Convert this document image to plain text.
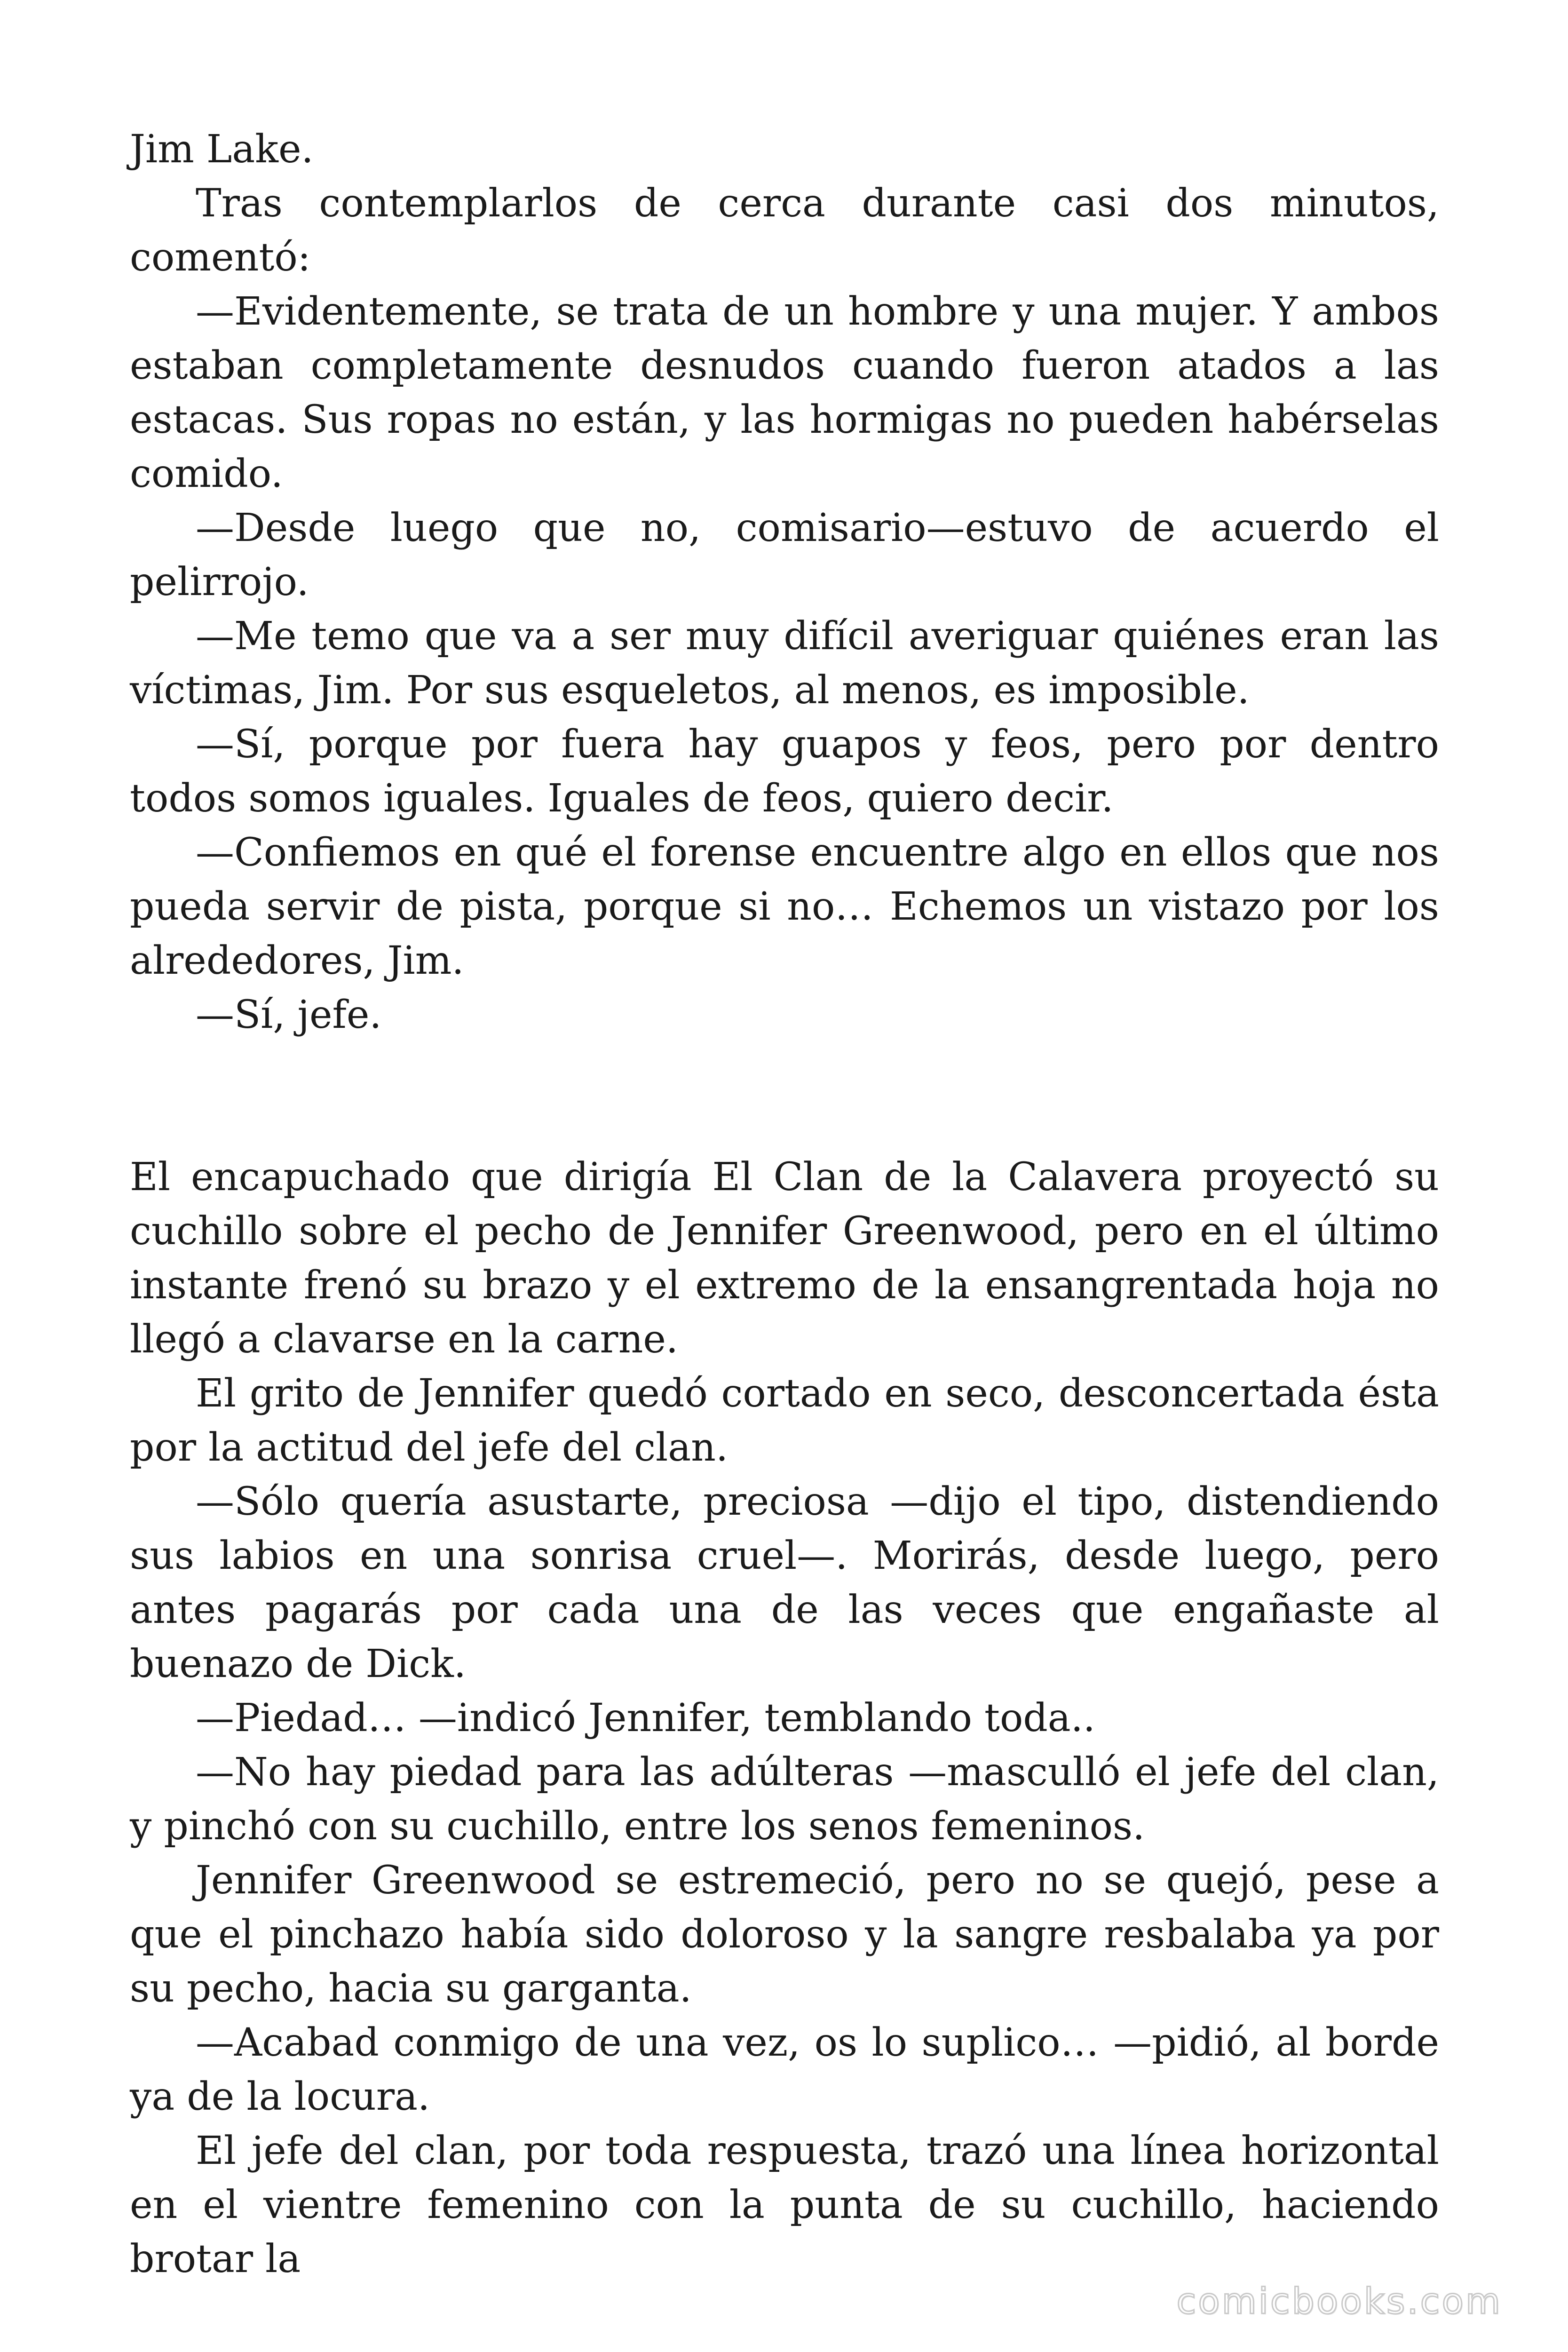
Jim Lake.

Tras contemplarlos de cerca durante casi dos minutos, comentó:

—Evidentemente, se trata de un hombre y una mujer. Y ambos estaban completamente desnudos cuando fueron atados a las estacas. Sus ropas no están, y las hormigas no pueden habérselas comido.

—Desde luego que no, comisario—estuvo de acuerdo el pelirrojo.

—Me temo que va a ser muy difícil averiguar quiénes eran las víctimas, Jim. Por sus esqueletos, al menos, es imposible.

—Sí, porque por fuera hay guapos y feos, pero por dentro todos somos iguales. Iguales de feos, quiero decir.

—Confiemos en qué el forense encuentre algo en ellos que nos pueda servir de pista, porque si no… Echemos un vistazo por los alrededores, Jim.

—Sí, jefe.

El encapuchado que dirigía El Clan de la Calavera proyectó su cuchillo sobre el pecho de Jennifer Greenwood, pero en el último instante frenó su brazo y el extremo de la ensangrentada hoja no llegó a clavarse en la carne.

El grito de Jennifer quedó cortado en seco, desconcertada ésta por la actitud del jefe del clan.

—Sólo quería asustarte, preciosa —dijo el tipo, distendiendo sus labios en una sonrisa cruel—. Morirás, desde luego, pero antes pagarás por cada una de las veces que engañaste al buenazo de Dick.

—Piedad… —indicó Jennifer, temblando toda..

—No hay piedad para las adúlteras —masculló el jefe del clan, y pinchó con su cuchillo, entre los senos femeninos.

Jennifer Greenwood se estremeció, pero no se quejó, pese a que el pinchazo había sido doloroso y la sangre resbalaba ya por su pecho, hacia su garganta.

—Acabad conmigo de una vez, os lo suplico… —pidió, al borde ya de la locura.

El jefe del clan, por toda respuesta, trazó una línea horizontal en el vientre femenino con la punta de su cuchillo, haciendo brotar la

comicbooks.com
